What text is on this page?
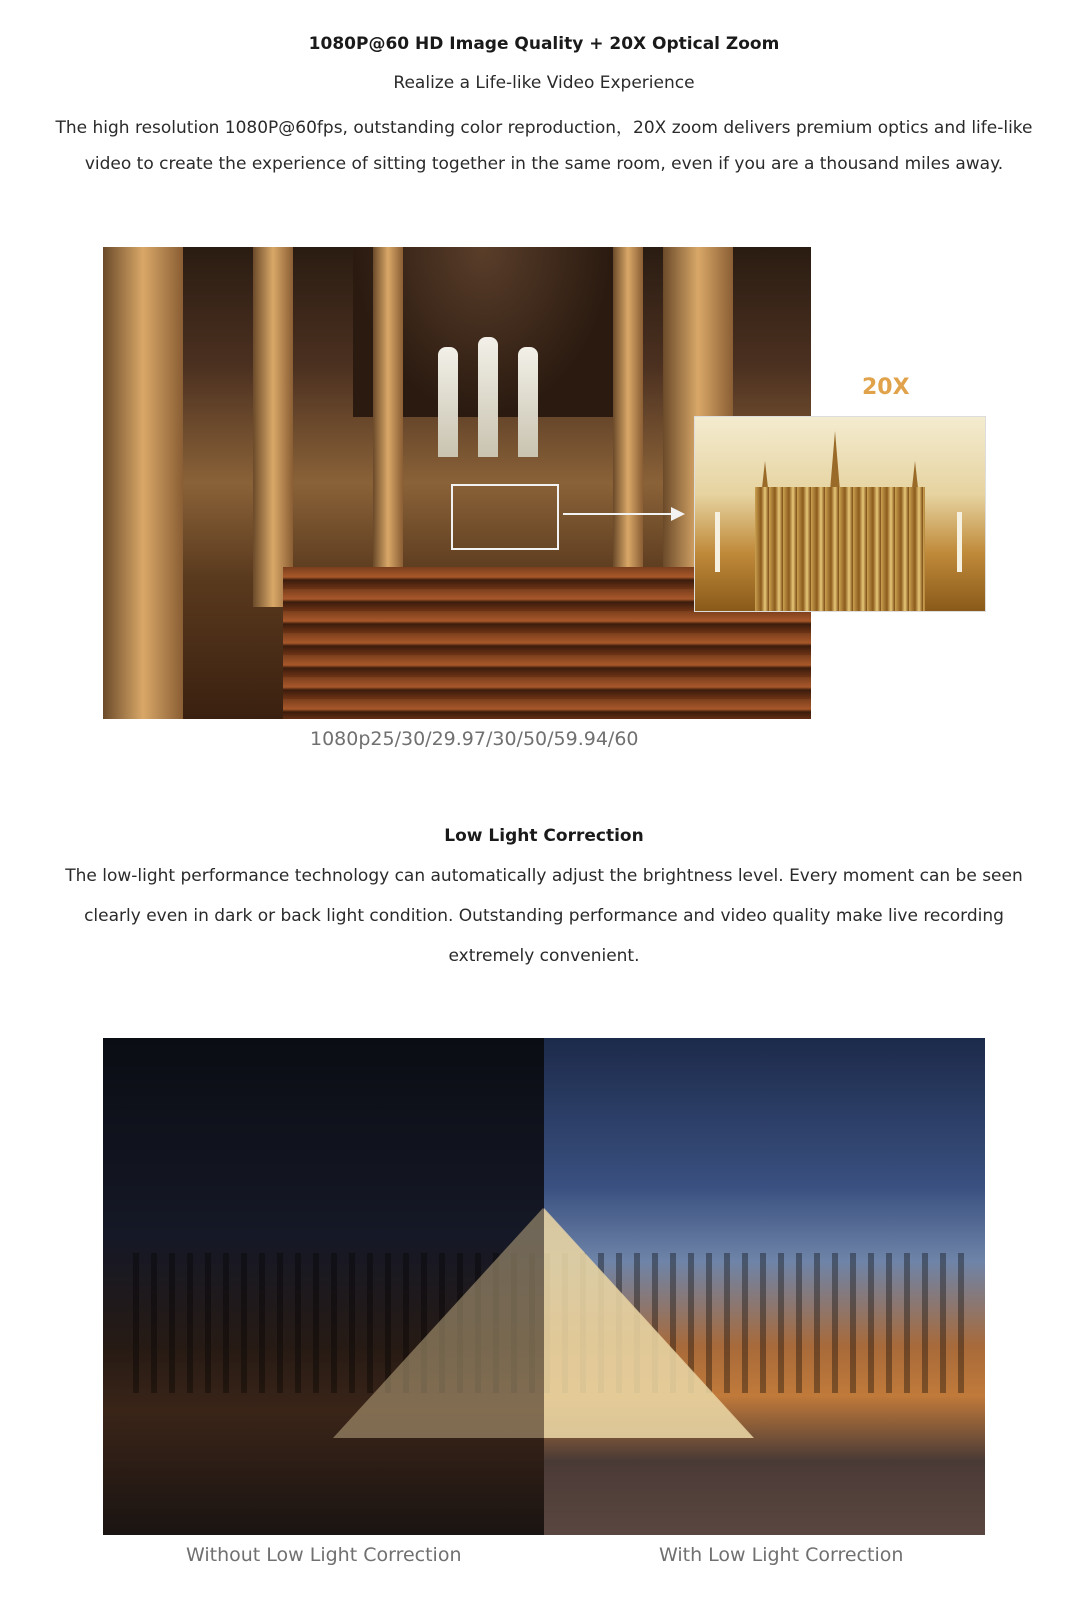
1080P@60 HD Image Quality + 20X Optical Zoom
Realize a Life-like Video Experience
The high resolution 1080P@60fps, outstanding color reproduction，20X zoom delivers premium optics and life-like
video to create the experience of sitting together in the same room, even if you are a thousand miles away.
20X
1080p25/30/29.97/30/50/59.94/60
Low Light Correction
The low-light performance technology can automatically adjust the brightness level. Every moment can be seen
clearly even in dark or back light condition. Outstanding performance and video quality make live recording
extremely convenient.
Without Low Light Correction	With Low Light Correction
